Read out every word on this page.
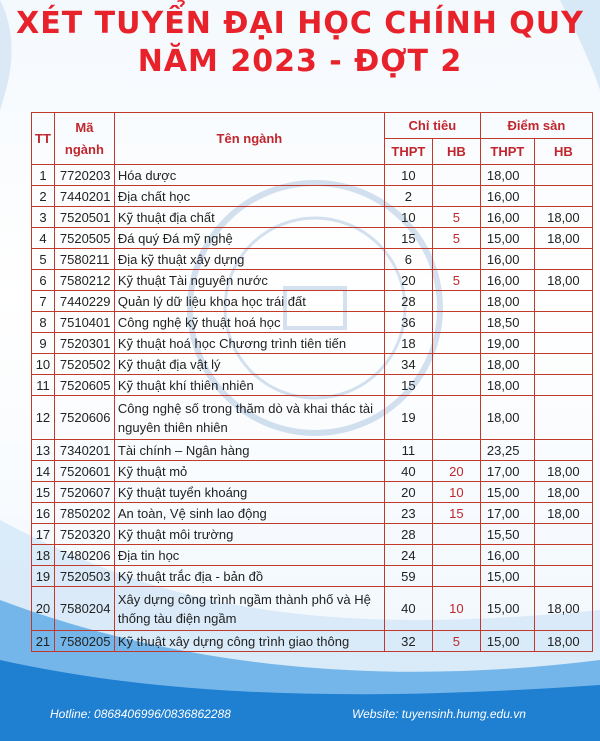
XÉT TUYỂN ĐẠI HỌC CHÍNH QUY
NĂM 2023 - ĐỢT 2
TT	Mã ngành	Tên ngành	Chỉ tiêu		Điểm sàn	
			THPT	HB	THPT	HB
1	7720203	Hóa dược	10		18,00	
2	7440201	Địa chất học	2		16,00	
3	7520501	Kỹ thuật địa chất	10	5	16,00	18,00
4	7520505	Đá quý Đá mỹ nghệ	15	5	15,00	18,00
5	7580211	Địa kỹ thuật xây dựng	6		16,00	
6	7580212	Kỹ thuật Tài nguyên nước	20	5	16,00	18,00
7	7440229	Quản lý dữ liệu khoa học trái đất	28		18,00	
8	7510401	Công nghệ kỹ thuật hoá học	36		18,50	
9	7520301	Kỹ thuật hoá học Chương trình tiên tiến	18		19,00	
10	7520502	Kỹ thuật địa vật lý	34		18,00	
11	7520605	Kỹ thuật khí thiên nhiên	15		18,00	
12	7520606	Công nghệ số trong thăm dò và khai thác tài nguyên thiên nhiên	19		18,00	
13	7340201	Tài chính – Ngân hàng	11		23,25	
14	7520601	Kỹ thuật mỏ	40	20	17,00	18,00
15	7520607	Kỹ thuật tuyển khoáng	20	10	15,00	18,00
16	7850202	An toàn, Vệ sinh lao động	23	15	17,00	18,00
17	7520320	Kỹ thuật môi trường	28		15,50	
18	7480206	Địa tin học	24		16,00	
19	7520503	Kỹ thuật trắc địa - bản đồ	59		15,00	
20	7580204	Xây dựng công trình ngầm thành phố và Hệ thống tàu điện ngầm	40	10	15,00	18,00
21	7580205	Kỹ thuật xây dựng công trình giao thông	32	5	15,00	18,00
Hotline: 0868406996/0836862288	Website: tuyensinh.humg.edu.vn
